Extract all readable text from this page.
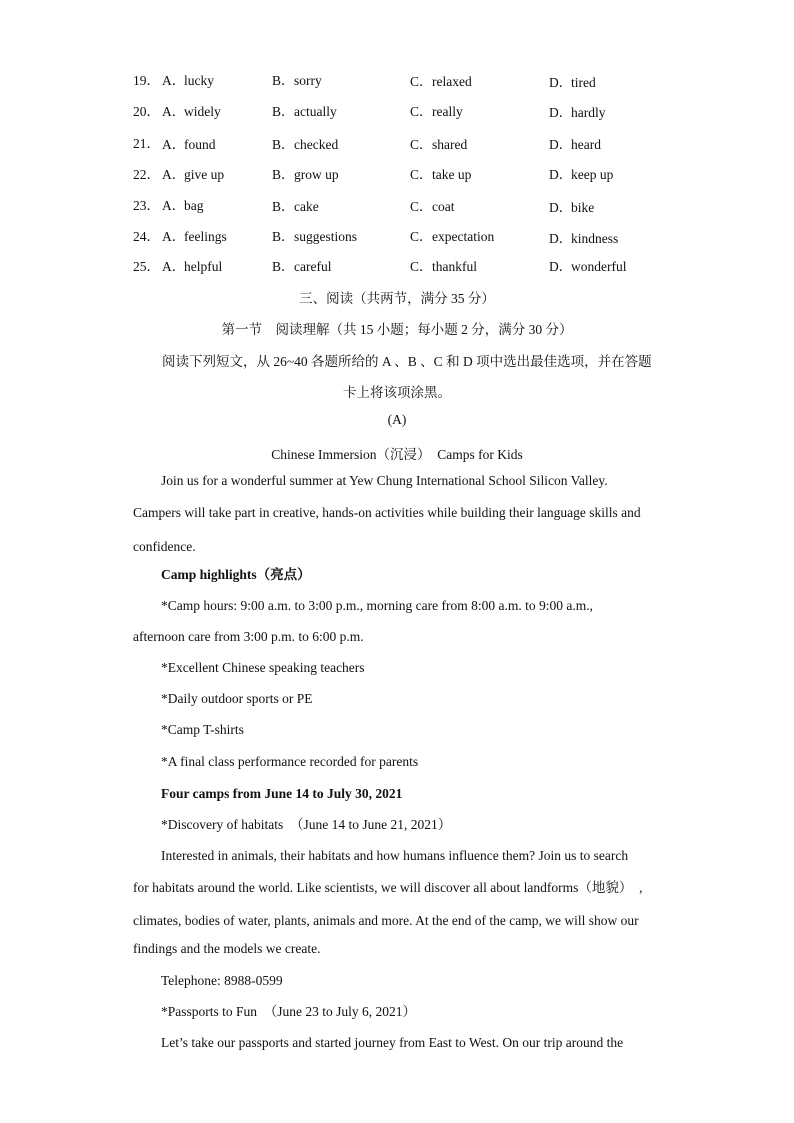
19． A．lucky	B．sorry	C．relaxed	D．tired
20． A．widely	B．actually	C．really	D．hardly
21． A．found	B．checked	C．shared	D．heard
22． A．give up	B．grow up	C．take up	D．keep up
23． A．bag	B．cake	C．coat	D．bike
24． A．feelings	B．suggestions	C．expectation	D．kindness
25． A．helpful	B．careful	C．thankful	D．wonderful
三、阅读（共两节，满分 35 分）
第一节　阅读理解（共 15 小题；每小题 2 分，满分 30 分）
阅读下列短文，从 26~40 各题所给的 A 、B 、C 和 D 项中选出最佳选项，并在答题
卡上将该项涂黑。
(A)
Chinese Immersion（沉浸）　Camps for Kids
Join us for a wonderful summer at Yew Chung International School Silicon Valley.
Campers will take part in creative, hands-on activities while building their language skills and
confidence.
Camp highlights（亮点）
*Camp hours: 9:00 a.m. to 3:00 p.m., morning care from 8:00 a.m. to 9:00 a.m.,
afternoon care from 3:00 p.m. to 6:00 p.m.
*Excellent Chinese speaking teachers
*Daily outdoor sports or PE
*Camp T-shirts
*A final class performance recorded for parents
Four camps from June 14 to July 30, 2021
*Discovery of habitats　（June 14 to June 21, 2021）
Interested in animals, their habitats and how humans influence them? Join us to search
for habitats around the world. Like scientists, we will discover all about landforms（地貌）　,
climates, bodies of water, plants, animals and more. At the end of the camp, we will show our
findings and the models we create.
Telephone: 8988-0599
*Passports to Fun　（June 23 to July 6, 2021）
Let’s take our passports and started journey from East to West. On our trip around the
